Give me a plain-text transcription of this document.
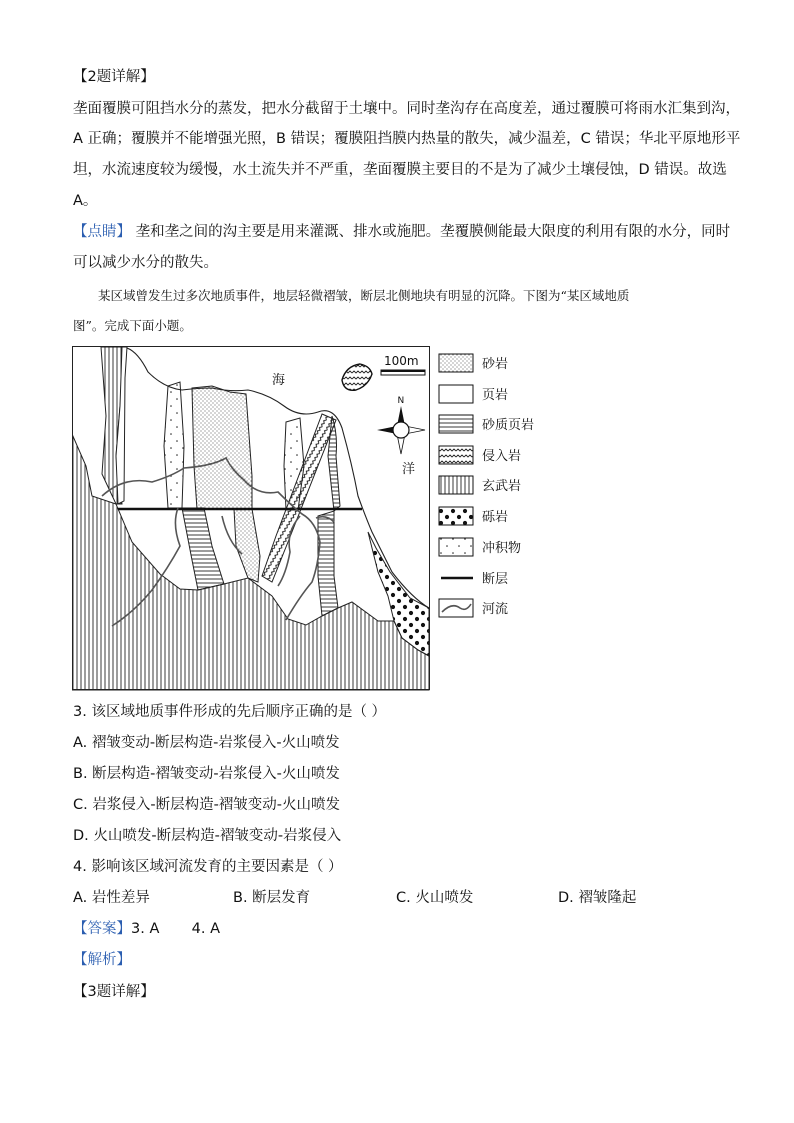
【2题详解】
垄面覆膜可阻挡水分的蒸发，把水分截留于土壤中。同时垄沟存在高度差，通过覆膜可将雨水汇集到沟，
A 正确；覆膜并不能增强光照，B 错误；覆膜阻挡膜内热量的散失，减少温差，C 错误；华北平原地形平
坦，水流速度较为缓慢，水土流失并不严重，垄面覆膜主要目的不是为了减少土壤侵蚀，D 错误。故选
A。
【点睛】 垄和垄之间的沟主要是用来灌溉、排水或施肥。垄覆膜侧能最大限度的利用有限的水分，同时
可以减少水分的散失。
某区域曾发生过多次地质事件，地层轻微褶皱，断层北侧地块有明显的沉降。下图为“某区域地质
图”。完成下面小题。
海
洋
100m
N
砂岩
页岩
砂质页岩
侵入岩
玄武岩
砾岩
冲积物
断层
河流
3. 该区域地质事件形成的先后顺序正确的是（ ）
A. 褶皱变动-断层构造-岩浆侵入-火山喷发
B. 断层构造-褶皱变动-岩浆侵入-火山喷发
C. 岩浆侵入-断层构造-褶皱变动-火山喷发
D. 火山喷发-断层构造-褶皱变动-岩浆侵入
4. 影响该区域河流发育的主要因素是（ ）
A. 岩性差异	B. 断层发育	C. 火山喷发	D. 褶皱隆起
【答案】3. A       4. A
【解析】
【3题详解】
